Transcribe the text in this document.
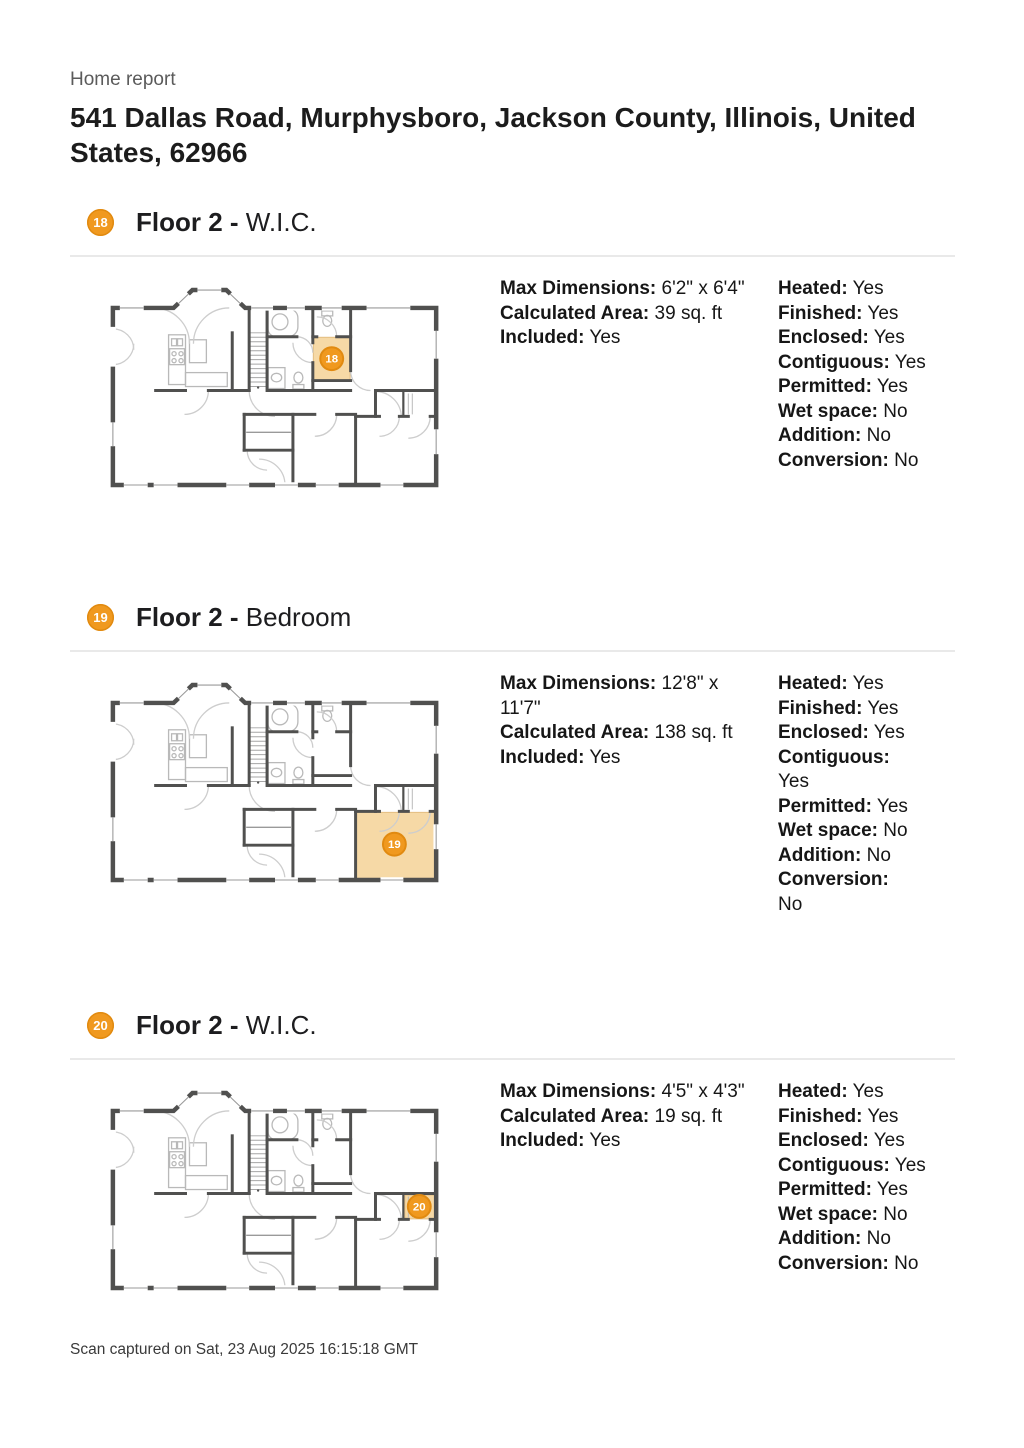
Home report
541 Dallas Road, Murphysboro, Jackson County, Illinois, United States, 62966
18 Floor 2 - W.I.C.
18
Max Dimensions: 6'2" x 6'4"
Calculated Area: 39 sq. ft
Included: Yes
Heated: Yes
Finished: Yes
Enclosed: Yes
Contiguous: Yes
Permitted: Yes
Wet space: No
Addition: No
Conversion: No
19 Floor 2 - Bedroom
19
Max Dimensions: 12'8" x 11'7"
Calculated Area: 138 sq. ft
Included: Yes
Heated: Yes
Finished: Yes
Enclosed: Yes
Contiguous: Yes
Permitted: Yes
Wet space: No
Addition: No
Conversion: No
20 Floor 2 - W.I.C.
20
Max Dimensions: 4'5" x 4'3"
Calculated Area: 19 sq. ft
Included: Yes
Heated: Yes
Finished: Yes
Enclosed: Yes
Contiguous: Yes
Permitted: Yes
Wet space: No
Addition: No
Conversion: No
Scan captured on Sat, 23 Aug 2025 16:15:18 GMT
